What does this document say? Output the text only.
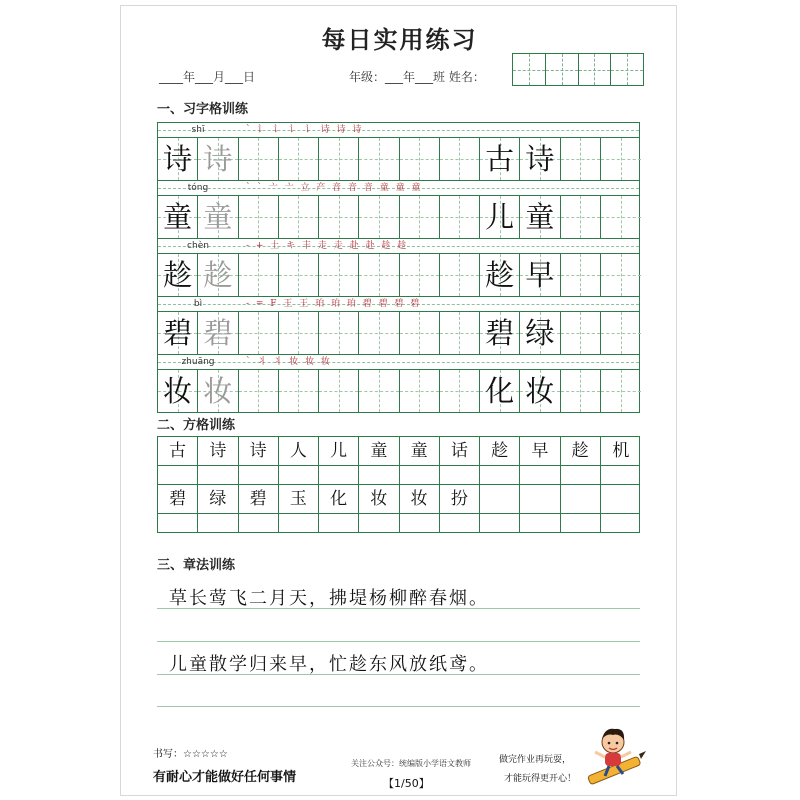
每日实用练习
____年___月___日	年级：___年___班 姓名：
一、习字格训练
shī	` 讠 讠 讠 讠 诗 诗 诗
诗 诗	古 诗
tóng	` ` 亠 亠 立 产 音 音 音 童 童 童
童 童	儿 童
chèn	- + 土 キ 丰 走 走 赴 赴 趁 趁
趁 趁	趁 早
bì	- = F 王 王 珀 珀 珀 碧 碧 碧 碧
碧 碧	碧 绿
zhuāng	` 丬 丬 妆 妆 妆
妆 妆	化 妆
二、方格训练
古	诗	诗	人	儿	童	童	话	趁	早	趁	机
碧	绿	碧	玉	化	妆	妆	扮
三、章法训练
草长莺飞二月天，拂堤杨柳醉春烟。
儿童散学归来早，忙趁东风放纸鸢。
书写：☆☆☆☆☆
有耐心才能做好任何事情
关注公众号：统编版小学语文教师
【1/50】
做完作业再玩耍，
才能玩得更开心！
